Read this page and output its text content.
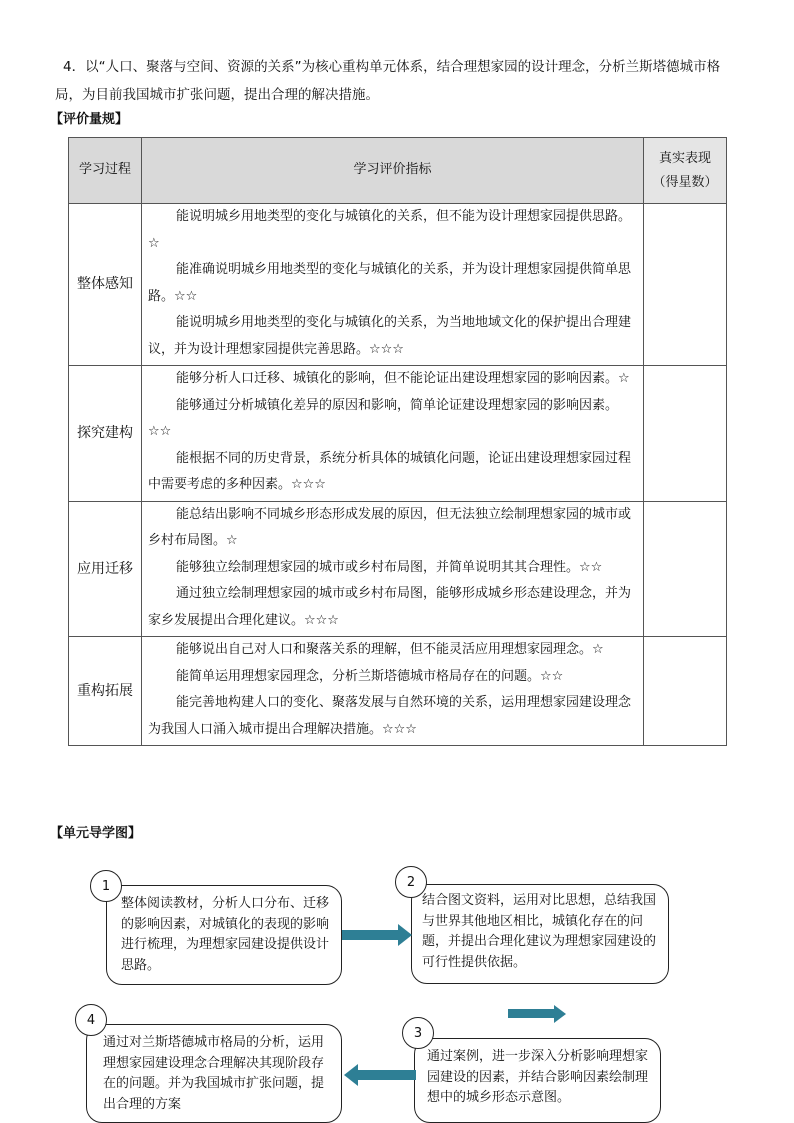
4．以“人口、聚落与空间、资源的关系”为核心重构单元体系，结合理想家园的设计理念，分析兰斯塔德城市格局，为目前我国城市扩张问题，提出合理的解决措施。
【评价量规】
学习过程	学习评价指标	真实表现
（得星数）

整体感知	能说明城乡用地类型的变化与城镇化的关系，但不能为设计理想家园提供思路。☆

能准确说明城乡用地类型的变化与城镇化的关系，并为设计理想家园提供简单思路。☆☆

能说明城乡用地类型的变化与城镇化的关系，为当地地域文化的保护提出合理建议，并为设计理想家园提供完善思路。☆☆☆	

探究建构	能够分析人口迁移、城镇化的影响，但不能论证出建设理想家园的影响因素。☆

能够通过分析城镇化差异的原因和影响，简单论证建设理想家园的影响因素。☆☆

能根据不同的历史背景，系统分析具体的城镇化问题，论证出建设理想家园过程中需要考虑的多种因素。☆☆☆	

应用迁移	能总结出影响不同城乡形态形成发展的原因，但无法独立绘制理想家园的城市或乡村布局图。☆

能够独立绘制理想家园的城市或乡村布局图，并简单说明其其合理性。☆☆

通过独立绘制理想家园的城市或乡村布局图，能够形成城乡形态建设理念，并为家乡发展提出合理化建议。☆☆☆	

重构拓展	能够说出自己对人口和聚落关系的理解，但不能灵活应用理想家园理念。☆

能简单运用理想家园理念，分析兰斯塔德城市格局存在的问题。☆☆

能完善地构建人口的变化、聚落发展与自然环境的关系，运用理想家园建设理念为我国人口涌入城市提出合理解决措施。☆☆☆	

【单元导学图】
整体阅读教材，分析人口分布、迁移的影响因素，对城镇化的表现的影响进行梳理，为理想家园建设提供设计思路。
1
结合图文资料，运用对比思想，总结我国与世界其他地区相比，城镇化存在的问题，并提出合理化建议为理想家园建设的可行性提供依据。
2
通过案例，进一步深入分析影响理想家园建设的因素，并结合影响因素绘制理想中的城乡形态示意图。
3
通过对兰斯塔德城市格局的分析，运用理想家园建设理念合理解决其现阶段存在的问题。并为我国城市扩张问题，提出合理的方案
4
